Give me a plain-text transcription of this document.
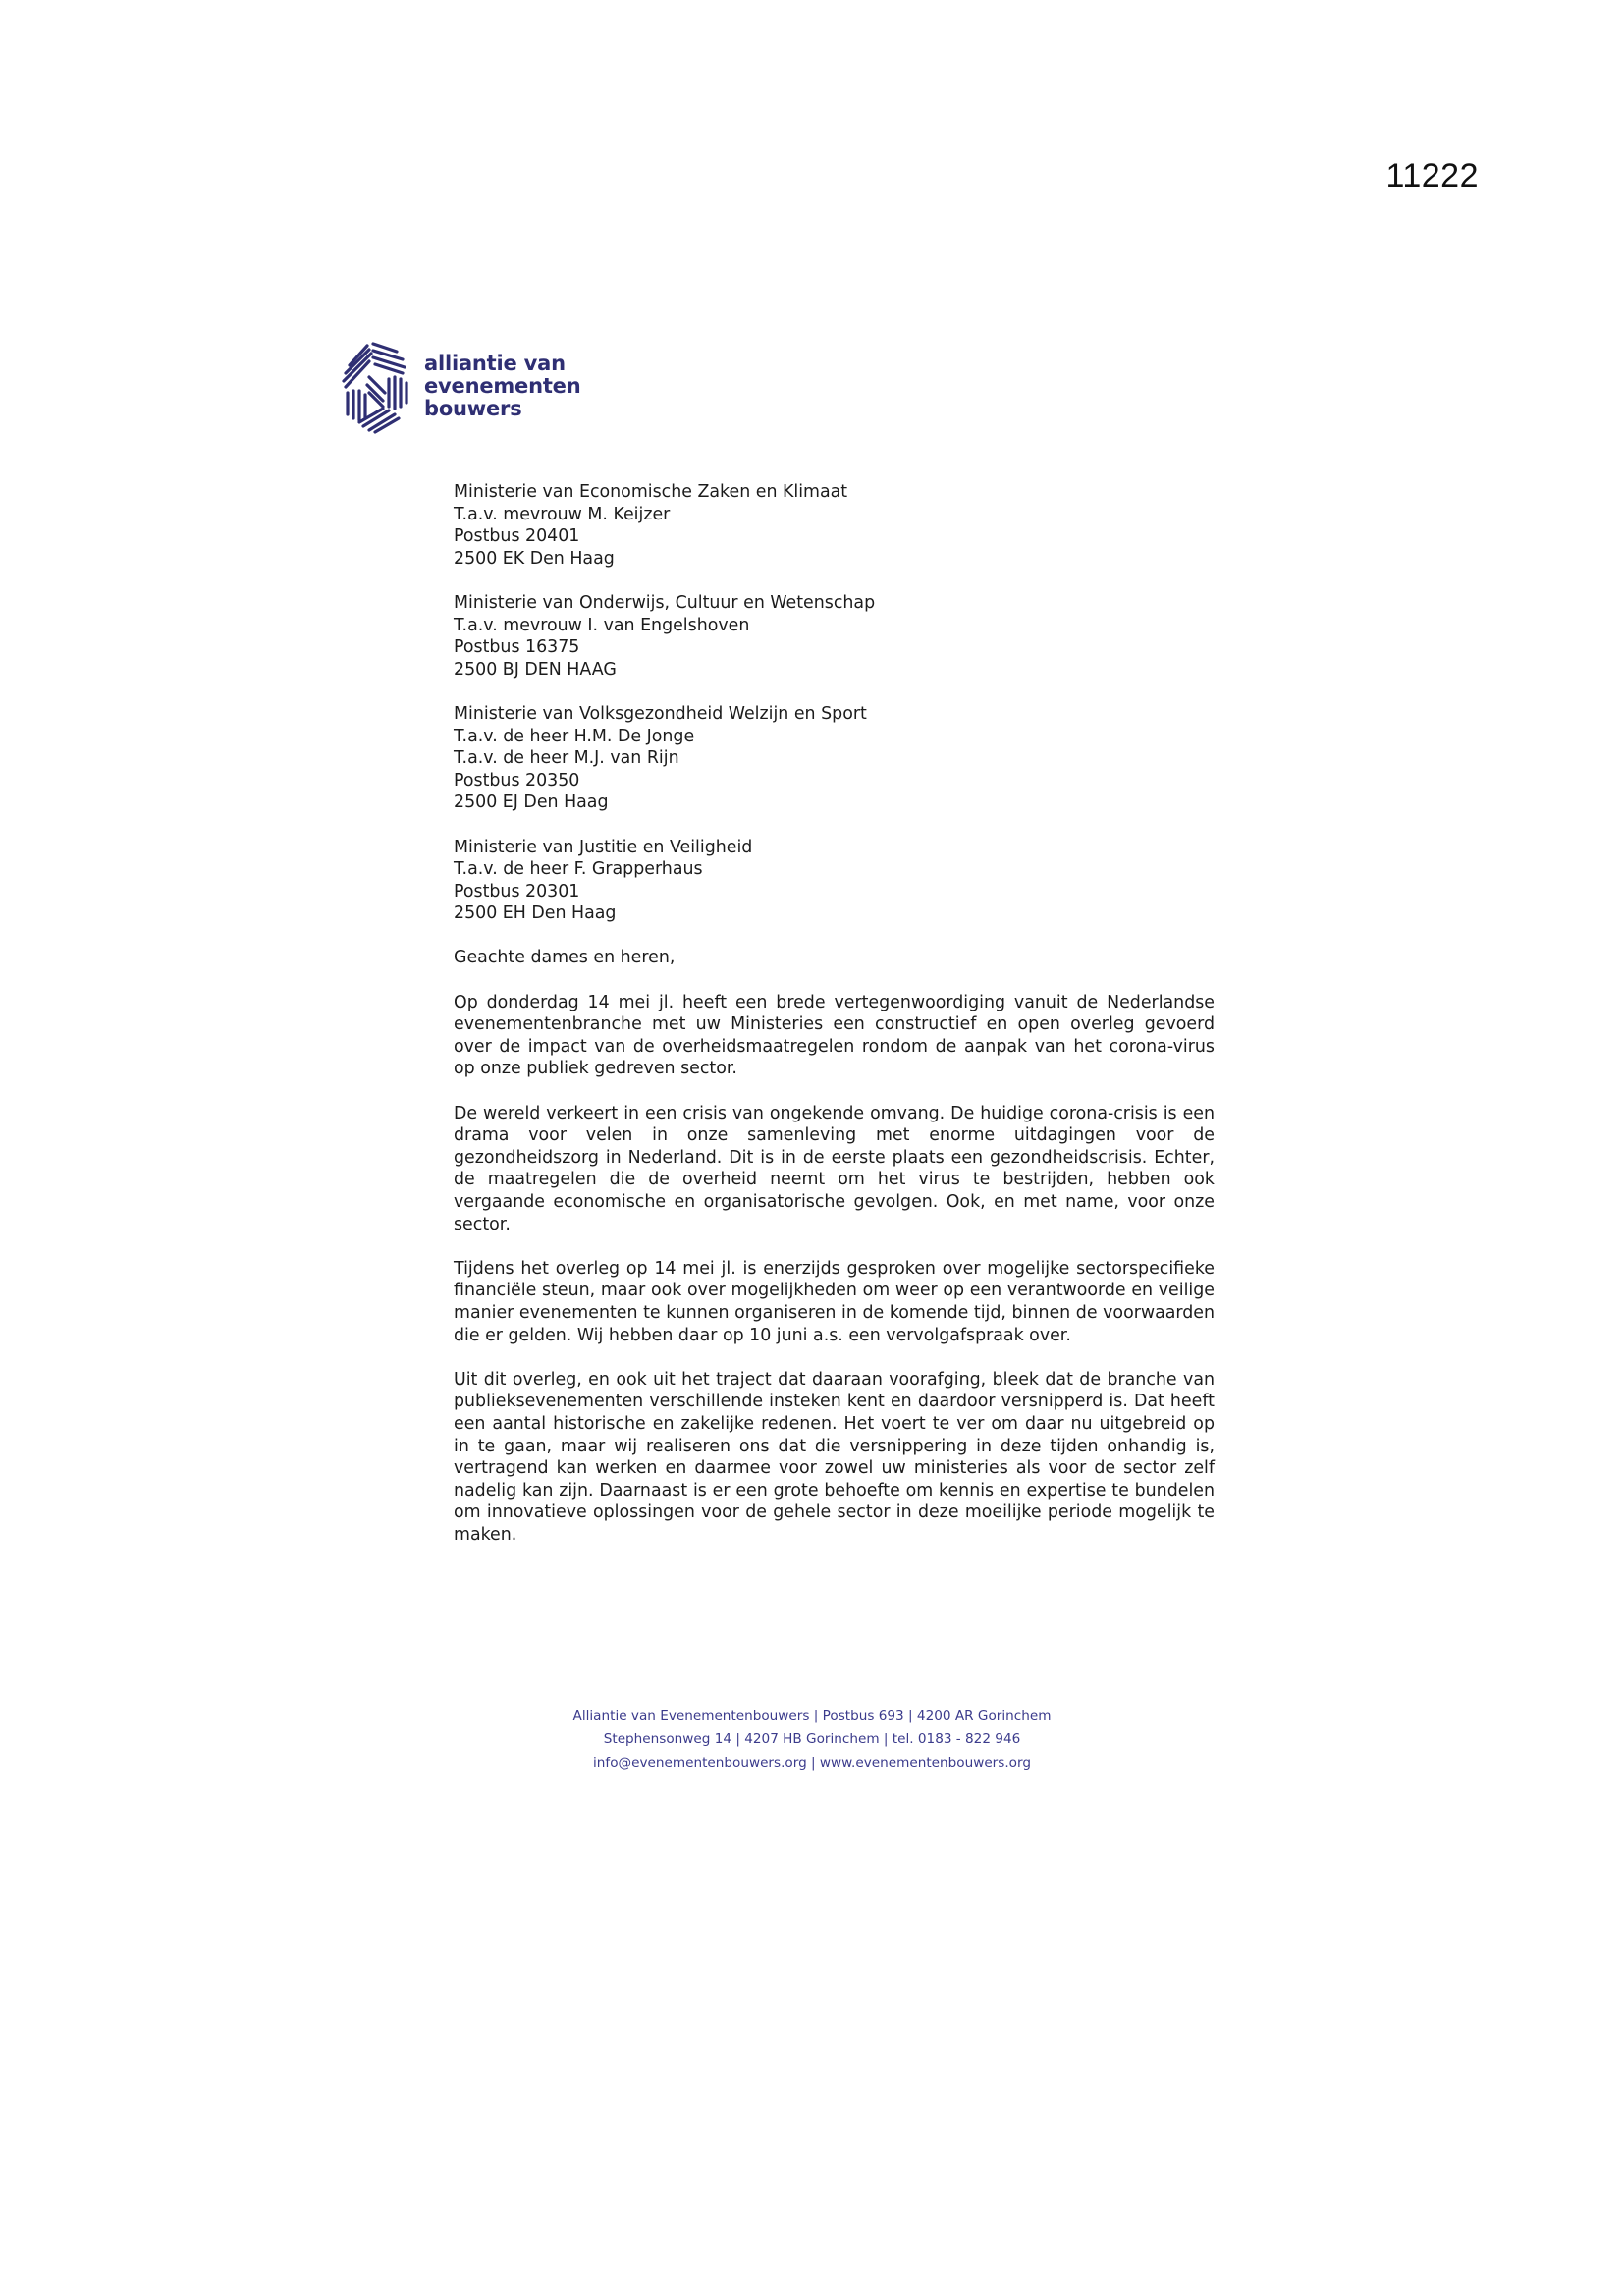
11222
alliantie van
evenementen
bouwers
Ministerie van Economische Zaken en Klimaat
T.a.v. mevrouw M. Keijzer
Postbus 20401
2500 EK Den Haag
Ministerie van Onderwijs, Cultuur en Wetenschap
T.a.v. mevrouw I. van Engelshoven
Postbus 16375
2500 BJ DEN HAAG
Ministerie van Volksgezondheid Welzijn en Sport
T.a.v. de heer H.M. De Jonge
T.a.v. de heer M.J. van Rijn
Postbus 20350
2500 EJ Den Haag
Ministerie van Justitie en Veiligheid
T.a.v. de heer F. Grapperhaus
Postbus 20301
2500 EH Den Haag
Geachte dames en heren,

Op donderdag 14 mei jl. heeft een brede vertegenwoordiging vanuit de Nederlandse evenementenbranche met uw Ministeries een constructief en open overleg gevoerd over de impact van de overheidsmaatregelen rondom de aanpak van het corona-virus op onze publiek gedreven sector.

De wereld verkeert in een crisis van ongekende omvang. De huidige corona-crisis is een drama voor velen in onze samenleving met enorme uitdagingen voor de gezondheidszorg in Nederland. Dit is in de eerste plaats een gezondheidscrisis. Echter, de maatregelen die de overheid neemt om het virus te bestrijden, hebben ook vergaande economische en organisatorische gevolgen. Ook, en met name, voor onze sector.

Tijdens het overleg op 14 mei jl. is enerzijds gesproken over mogelijke sectorspecifieke financiële steun, maar ook over mogelijkheden om weer op een verantwoorde en veilige manier evenementen te kunnen organiseren in de komende tijd, binnen de voorwaarden die er gelden. Wij hebben daar op 10 juni a.s. een vervolgafspraak over.

Uit dit overleg, en ook uit het traject dat daaraan voorafging, bleek dat de branche van publieksevenementen verschillende insteken kent en daardoor versnipperd is. Dat heeft een aantal historische en zakelijke redenen. Het voert te ver om daar nu uitgebreid op in te gaan, maar wij realiseren ons dat die versnippering in deze tijden onhandig is, vertragend kan werken en daarmee voor zowel uw ministeries als voor de sector zelf nadelig kan zijn. Daarnaast is er een grote behoefte om kennis en expertise te bundelen om innovatieve oplossingen voor de gehele sector in deze moeilijke periode mogelijk te maken.

Alliantie van Evenementenbouwers | Postbus 693 | 4200 AR Gorinchem
Stephensonweg 14 | 4207 HB Gorinchem | tel. 0183 - 822 946
info@evenementenbouwers.org | www.evenementenbouwers.org
